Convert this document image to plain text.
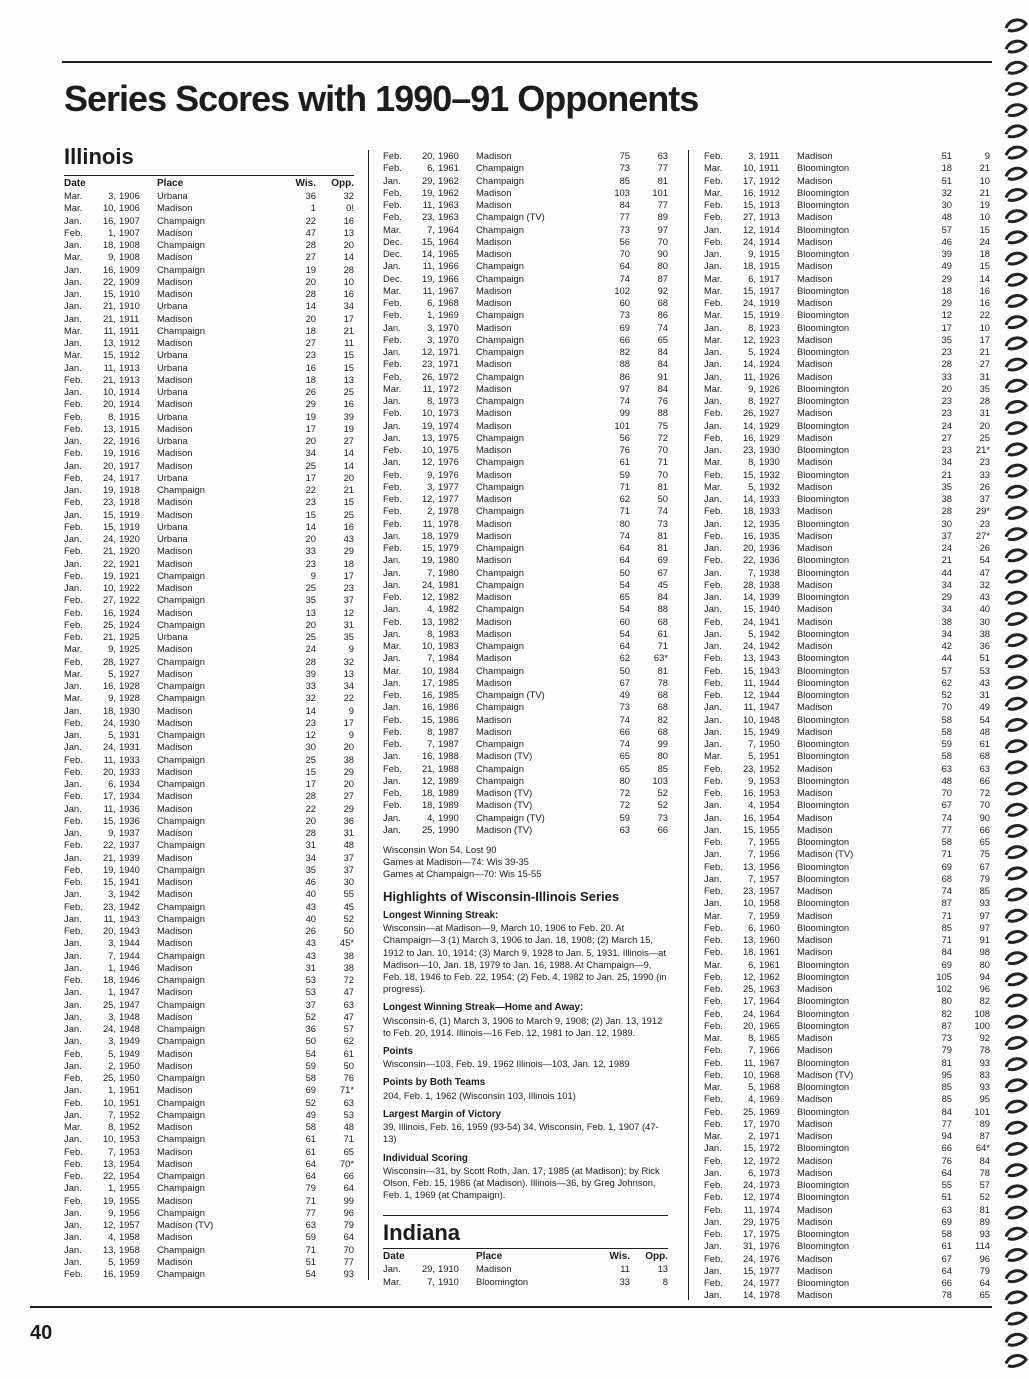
Series Scores with 1990–91 Opponents
Illinois
Date	Place	Wis.	Opp.
Mar.	3, 1906	Urbana	36	32
Mar.	10, 1906	Madison	1	0!
Jan.	16, 1907	Champaign	22	16
Feb.	1, 1907	Madison	47	13
Jan.	18, 1908	Champaign	28	20
Mar.	9, 1908	Madison	27	14
Jan.	16, 1909	Champaign	19	28
Jan.	22, 1909	Madison	20	10
Jan.	15, 1910	Madison	28	16
Jan.	21, 1910	Urbana	14	34
Jan.	21, 1911	Madison	20	17
Mar.	11, 1911	Champaign	18	21
Jan.	13, 1912	Madison	27	11
Mar.	15, 1912	Urbana	23	15
Jan.	11, 1913	Urbana	16	15
Feb.	21, 1913	Madison	18	13
Jan.	10, 1914	Urbana	26	25
Feb.	20, 1914	Madison	29	16
Feb.	8, 1915	Urbana	19	39
Feb.	13, 1915	Madison	17	19
Jan.	22, 1916	Urbana	20	27
Feb.	19, 1916	Madison	34	14
Jan.	20, 1917	Madison	25	14
Feb.	24, 1917	Urbana	17	20
Jan.	19, 1918	Champaign	22	21
Feb.	23, 1918	Madison	23	15
Jan.	15, 1919	Madison	15	25
Feb.	15, 1919	Urbana	14	16
Jan.	24, 1920	Urbana	20	43
Feb.	21, 1920	Madison	33	29
Jan.	22, 1921	Madison	23	18
Feb.	19, 1921	Champaign	9	17
Jan.	10, 1922	Madison	25	23
Feb.	27, 1922	Champaign	35	37
Feb.	16, 1924	Madison	13	12
Feb.	25, 1924	Champaign	20	31
Feb.	21, 1925	Urbana	25	35
Mar.	9, 1925	Madison	24	9
Feb.	28, 1927	Champaign	28	32
Mar.	5, 1927	Madison	39	13
Jan.	16, 1928	Champaign	33	34
Mar.	9, 1928	Champaign	32	22
Jan.	18, 1930	Madison	14	9
Feb.	24, 1930	Madison	23	17
Jan.	5, 1931	Champaign	12	9
Jan.	24, 1931	Madison	30	20
Feb.	11, 1933	Champaign	25	38
Feb.	20, 1933	Madison	15	29
Jan.	6, 1934	Champaign	17	20
Feb.	17, 1934	Madison	28	27
Jan.	11, 1936	Madison	22	29
Feb.	15, 1936	Champaign	20	36
Jan.	9, 1937	Madison	28	31
Feb.	22, 1937	Champaign	31	48
Jan.	21, 1939	Madison	34	37
Feb.	19, 1940	Champaign	35	37
Feb.	15, 1941	Madison	46	30
Jan.	3, 1942	Madison	40	55
Feb.	23, 1942	Champaign	43	45
Jan.	11, 1943	Champaign	40	52
Feb.	20, 1943	Madison	26	50
Jan.	3, 1944	Madison	43	45*
Jan.	7, 1944	Champaign	43	38
Jan.	1, 1946	Madison	31	38
Feb.	18, 1946	Champaign	53	72
Jan.	1, 1947	Madison	53	47
Jan.	25, 1947	Champaign	37	63
Jan.	3, 1948	Madison	52	47
Jan.	24, 1948	Champaign	36	57
Jan.	3, 1949	Champaign	50	62
Feb.	5, 1949	Madison	54	61
Jan.	2, 1950	Madison	59	50
Feb.	25, 1950	Champaign	58	76
Jan.	1, 1951	Madison	69	71*
Feb.	10, 1951	Champaign	52	63
Jan.	7, 1952	Champaign	49	53
Mar.	8, 1952	Madison	58	48
Jan.	10, 1953	Champaign	61	71
Feb.	7, 1953	Madison	61	65
Feb.	13, 1954	Madison	64	70*
Feb.	22, 1954	Champaign	64	66
Jan.	1, 1955	Champaign	79	64
Feb.	19, 1955	Madison	71	99
Jan.	9, 1956	Champaign	77	96
Jan.	12, 1957	Madison (TV)	63	79
Jan.	4, 1958	Madison	59	64
Jan.	13, 1958	Champaign	71	70
Jan.	5, 1959	Madison	51	77
Feb.	16, 1959	Champaign	54	93
Feb.	20, 1960	Madison	75	63
Feb.	6, 1961	Champaign	73	77
Jan.	29, 1962	Champaign	85	81
Feb.	19, 1962	Madison	103	101
Feb.	11, 1963	Madison	84	77
Feb.	23, 1963	Champaign (TV)	77	89
Mar.	7, 1964	Champaign	73	97
Dec.	15, 1964	Madison	56	70
Dec.	14, 1965	Madison	70	90
Jan.	11, 1966	Champaign	64	80
Dec.	19, 1966	Champaign	74	87
Mar.	11, 1967	Madison	102	92
Feb.	6, 1968	Madison	60	68
Feb.	1, 1969	Champaign	73	86
Jan.	3, 1970	Madison	69	74
Feb.	3, 1970	Champaign	66	65
Jan.	12, 1971	Champaign	82	84
Feb.	23, 1971	Madison	88	84
Feb.	26, 1972	Champaign	86	91
Mar.	11, 1972	Madison	97	84
Jan.	8, 1973	Champaign	74	76
Feb.	10, 1973	Madison	99	88
Jan.	19, 1974	Madison	101	75
Jan.	13, 1975	Champaign	56	72
Feb.	10, 1975	Madison	76	70
Jan.	12, 1976	Champaign	61	71
Feb.	9, 1976	Madison	59	70
Feb.	3, 1977	Champaign	71	81
Feb.	12, 1977	Madison	62	50
Feb.	2, 1978	Champaign	71	74
Feb.	11, 1978	Madison	80	73
Jan.	18, 1979	Madison	74	81
Feb.	15, 1979	Champaign	64	81
Jan.	19, 1980	Madison	64	69
Jan.	7, 1980	Champaign	50	67
Jan.	24, 1981	Champaign	54	45
Feb.	12, 1982	Madison	65	84
Jan.	4, 1982	Champaign	54	88
Feb.	13, 1982	Madison	60	68
Jan.	8, 1983	Madison	54	61
Mar.	10, 1983	Champaign	64	71
Jan.	7, 1984	Madison	62	63*
Mar.	10, 1984	Champaign	50	81
Jan.	17, 1985	Madison	67	78
Feb.	16, 1985	Champaign (TV)	49	68
Jan.	16, 1986	Champaign	73	68
Feb.	15, 1986	Madison	74	82
Feb.	8, 1987	Madison	66	68
Feb.	7, 1987	Champaign	74	99
Jan.	16, 1988	Madison (TV)	65	80
Feb.	21, 1988	Champaign	65	85
Jan.	12, 1989	Champaign	80	103
Feb.	18, 1989	Madison (TV)	72	52
Feb.	18, 1989	Madison (TV)	72	52
Jan.	4, 1990	Champaign (TV)	59	73
Jan.	25, 1990	Madison (TV)	63	66
Wisconsin Won 54, Lost 90
Games at Madison—74: Wis 39-35
Games at Champaign—70: Wis 15-55
Highlights of Wisconsin-Illinois Series
Longest Winning Streak:
Wisconsin—at Madison—9, March 10, 1906 to Feb. 20. At Champaign—3 (1) March 3, 1906 to Jan. 18, 1908; (2) March 15, 1912 to Jan. 10, 1914; (3) March 9, 1928 to Jan. 5, 1931. Illinois—at Madison—10, Jan. 18, 1979 to Jan. 16, 1988. At Champaign—9, Feb. 18, 1946 to Feb. 22, 1954; (2) Feb. 4, 1982 to Jan. 25, 1990 (in progress).
Longest Winning Streak—Home and Away:
Wisconsin-6, (1) March 3, 1906 to March 9, 1908; (2) Jan. 13, 1912 to Feb. 20, 1914. Illinois—16 Feb. 12, 1981 to Jan. 12, 1989.
Points
Wisconsin—103, Feb. 19, 1962 Illinois—103, Jan. 12, 1989
Points by Both Teams
204, Feb. 1, 1962 (Wisconsin 103, Illinois 101)
Largest Margin of Victory
39, Illinois, Feb. 16, 1959 (93-54) 34, Wisconsin, Feb. 1, 1907 (47-13)
Individual Scoring
Wisconsin—31, by Scott Roth, Jan. 17, 1985 (at Madison); by Rick Olson, Feb. 15, 1986 (at Madison). Illinois—36, by Greg Johnson, Feb. 1, 1969 (at Champaign).
Indiana
Date	Place	Wis.	Opp.
Jan.	29, 1910	Madison	11	13
Mar.	7, 1910	Bloomington	33	8
Feb.	3, 1911	Madison	51	9
Mar.	10, 1911	Bloomington	18	21
Feb.	17, 1912	Madison	51	10
Mar.	16, 1912	Bloomington	32	21
Feb.	15, 1913	Bloomington	30	19
Feb.	27, 1913	Madison	48	10
Jan.	12, 1914	Bloomington	57	15
Feb.	24, 1914	Madison	46	24
Jan.	9, 1915	Bloomington	39	18
Jan.	18, 1915	Madison	49	15
Mar.	6, 1917	Madison	29	14
Mar.	15, 1917	Bloomington	18	16
Feb.	24, 1919	Madison	29	16
Mar.	15, 1919	Bloomington	12	22
Jan.	8, 1923	Bloomington	17	10
Mar.	12, 1923	Madison	35	17
Jan.	5, 1924	Bloomington	23	21
Jan.	14, 1924	Madison	28	27
Jan.	11, 1926	Madison	33	31
Mar.	9, 1926	Bloomington	20	35
Jan.	8, 1927	Bloomington	23	28
Feb.	26, 1927	Madison	23	31
Jan.	14, 1929	Bloomington	24	20
Feb.	16, 1929	Madison	27	25
Jan.	23, 1930	Bloomington	23	21*
Mar.	8, 1930	Madison	34	23
Feb.	15, 1932	Bloomington	21	33
Mar.	5, 1932	Madison	35	26
Jan.	14, 1933	Bloomington	38	37
Feb.	18, 1933	Madison	28	29*
Jan.	12, 1935	Bloomington	30	23
Feb.	16, 1935	Madison	37	27*
Jan.	20, 1936	Madison	24	26
Feb.	22, 1936	Bloomington	21	54
Jan.	7, 1938	Bloomington	44	47
Feb.	28, 1938	Madison	34	32
Jan.	14, 1939	Bloomington	29	43
Jan.	15, 1940	Madison	34	40
Feb.	24, 1941	Madison	38	30
Jan.	5, 1942	Bloomington	34	38
Jan.	24, 1942	Madison	42	36
Feb.	13, 1943	Bloomington	44	51
Feb.	15, 1943	Bloomington	57	53
Feb.	11, 1944	Bloomington	62	43
Feb.	12, 1944	Bloomington	52	31
Jan.	11, 1947	Madison	70	49
Jan.	10, 1948	Bloomington	58	54
Jan.	15, 1949	Madison	58	48
Jan.	7, 1950	Bloomington	59	61
Mar.	5, 1951	Bloomington	58	68
Feb.	23, 1952	Madison	63	63
Feb.	9, 1953	Bloomington	48	66
Feb.	16, 1953	Madison	70	72
Jan.	4, 1954	Bloomington	67	70
Jan.	16, 1954	Madison	74	90
Jan.	15, 1955	Madison	77	66
Feb.	7, 1955	Bloomington	58	65
Jan.	7, 1956	Madison (TV)	71	75
Feb.	13, 1956	Bloomington	69	67
Jan.	7, 1957	Bloomington	68	79
Feb.	23, 1957	Madison	74	85
Jan.	10, 1958	Bloomington	87	93
Mar.	7, 1959	Madison	71	97
Feb.	6, 1960	Bloomington	85	97
Feb.	13, 1960	Madison	71	91
Feb.	18, 1961	Madison	84	98
Mar.	6, 1961	Bloomington	69	80
Feb.	12, 1962	Bloomington	105	94
Feb.	25, 1963	Madison	102	96
Feb.	17, 1964	Bloomington	80	82
Feb.	24, 1964	Bloomington	82	108
Feb.	20, 1965	Bloomington	87	100
Mar.	8, 1965	Madison	73	92
Feb.	7, 1966	Madison	79	78
Feb.	11, 1967	Bloomington	81	93
Feb.	10, 1968	Madison (TV)	95	83
Mar.	5, 1968	Bloomington	85	93
Feb.	4, 1969	Madison	85	95
Feb.	25, 1969	Bloomington	84	101
Feb.	17, 1970	Madison	77	89
Mar.	2, 1971	Madison	94	87
Jan.	15, 1972	Bloomington	66	64*
Feb.	12, 1972	Madison	76	84
Jan.	6, 1973	Madison	64	78
Feb.	24, 1973	Bloomington	55	57
Feb.	12, 1974	Bloomington	51	52
Feb.	11, 1974	Madison	63	81
Jan.	29, 1975	Madison	69	89
Feb.	17, 1975	Bloomington	58	93
Jan.	31, 1976	Bloomington	61	114
Feb.	24, 1976	Madison	67	96
Jan.	15, 1977	Madison	64	79
Feb.	24, 1977	Bloomington	66	64
Jan.	14, 1978	Madison	78	65
40
